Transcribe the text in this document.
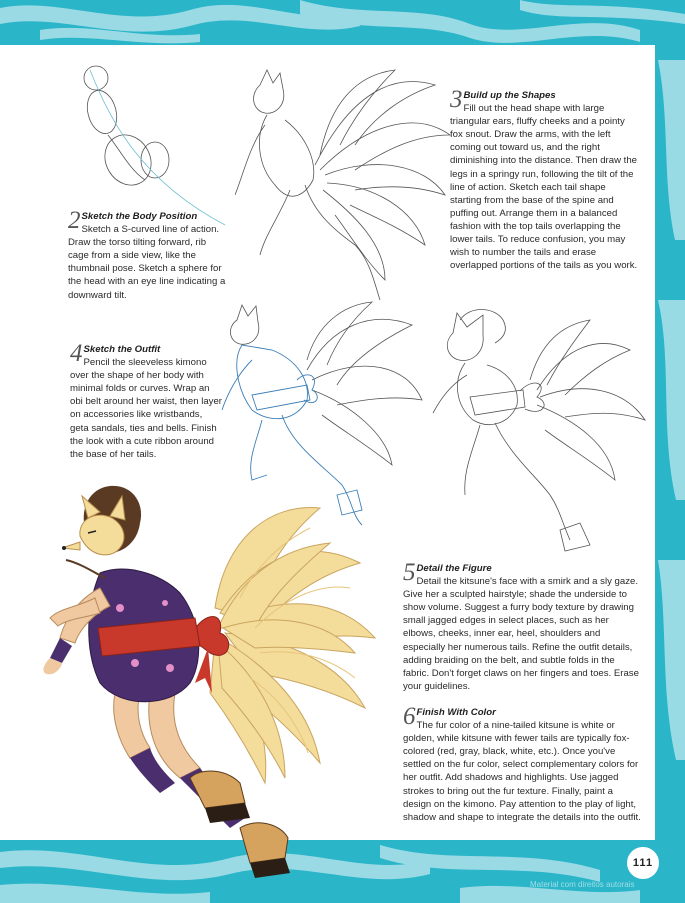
2 Sketch the Body Position
Sketch a S-curved line of action. Draw the torso tilting forward, rib cage from a side view, like the thumbnail pose. Sketch a sphere for the head with an eye line indicating a downward tilt.
3 Build up the Shapes
Fill out the head shape with large triangular ears, fluffy cheeks and a pointy fox snout. Draw the arms, with the left coming out toward us, and the right diminishing into the distance. Then draw the legs in a springy run, following the tilt of the line of action. Sketch each tail shape starting from the base of the spine and puffing out. Arrange them in a balanced fashion with the top tails overlapping the lower tails. To reduce confusion, you may wish to number the tails and erase overlapped portions of the tails as you work.
4 Sketch the Outfit
Pencil the sleeveless kimono over the shape of her body with minimal folds or curves. Wrap an obi belt around her waist, then layer on accessories like wristbands, geta sandals, ties and bells. Finish the look with a cute ribbon around the base of her tails.
5 Detail the Figure
Detail the kitsune's face with a smirk and a sly gaze. Give her a sculpted hairstyle; shade the underside to show volume. Suggest a furry body texture by drawing small jagged edges in select places, such as her elbows, cheeks, inner ear, heel, shoulders and especially her numerous tails. Refine the outfit details, adding braiding on the belt, and subtle folds in the fabric. Don't forget claws on her fingers and toes. Erase your guidelines.
6 Finish With Color
The fur color of a nine-tailed kitsune is white or golden, while kitsune with fewer tails are typically fox-colored (red, gray, black, white, etc.). Once you've settled on the fur color, select complementary colors for her outfit. Add shadows and highlights. Use jagged strokes to bring out the fur texture. Finally, paint a design on the kimono. Pay attention to the play of light, shadow and shape to integrate the details into the outfit.
111
Material com direitos autorais
